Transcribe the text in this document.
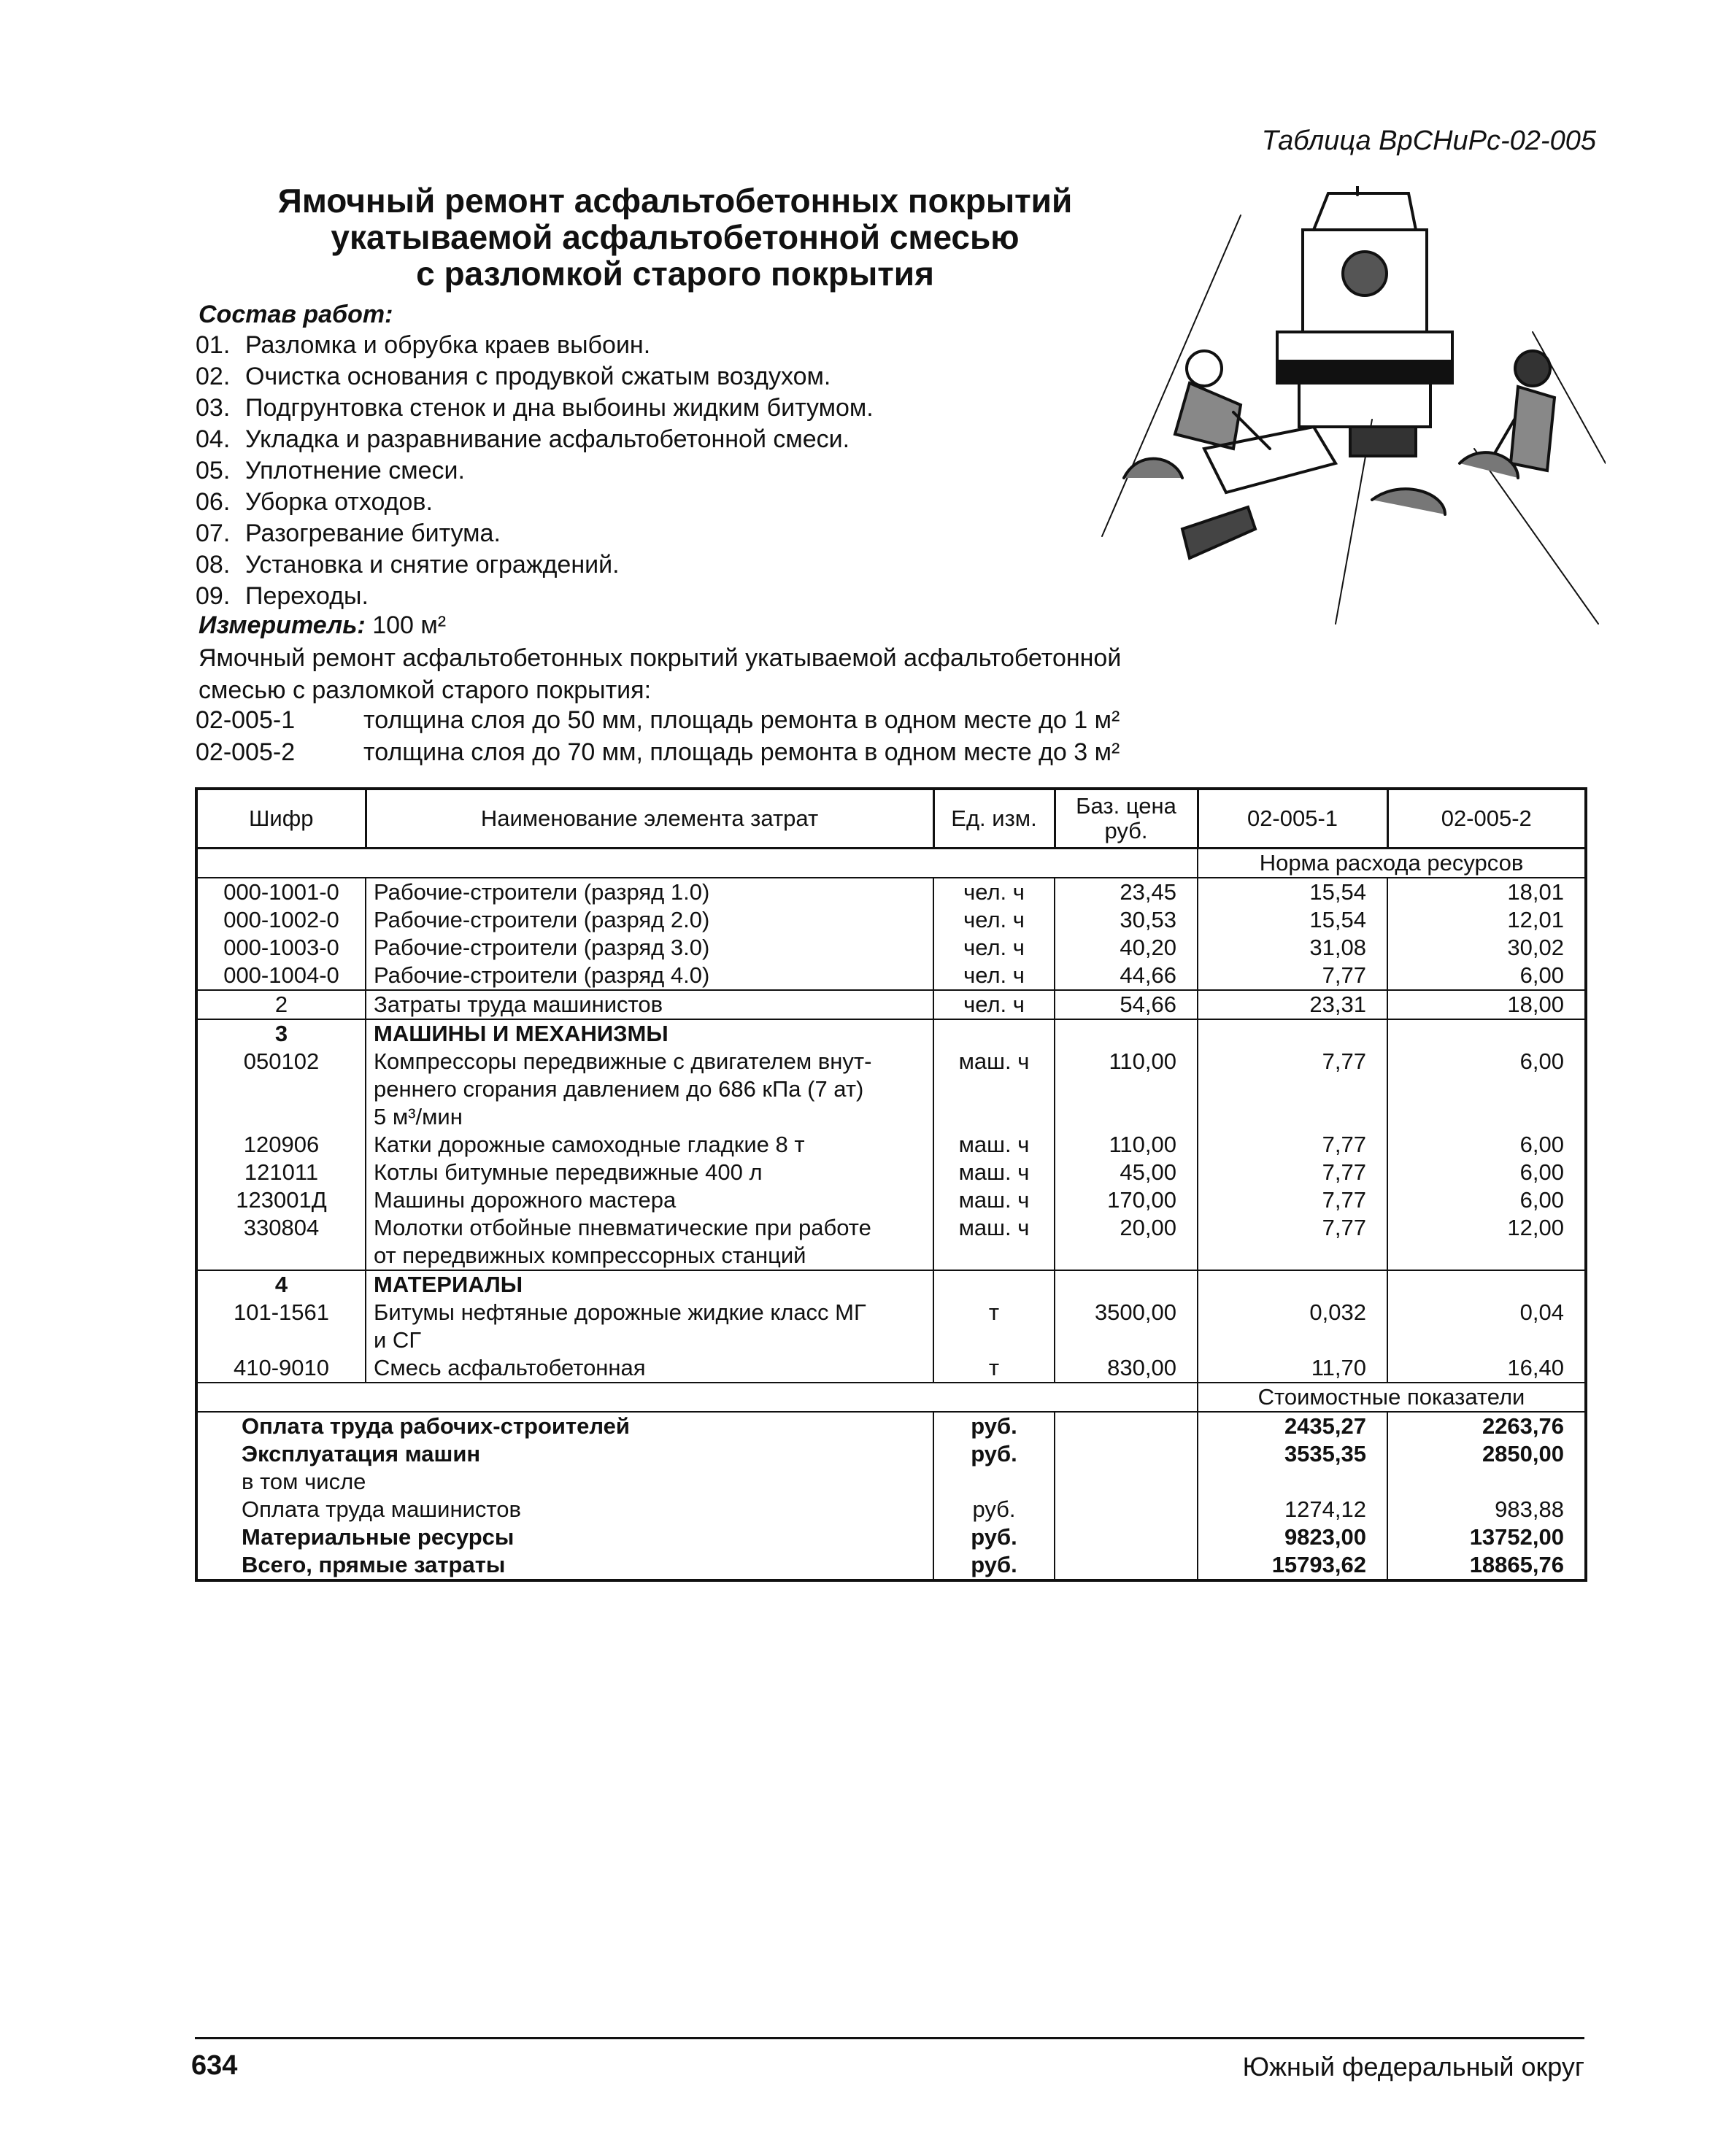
Таблица ВрСНиРс-02-005
Ямочный ремонт асфальтобетонных покрытий
укатываемой асфальтобетонной смесью
с разломкой старого покрытия
Состав работ:
01. Разломка и обрубка краев выбоин.
02. Очистка основания с продувкой сжатым воздухом.
03. Подгрунтовка стенок и дна выбоины жидким битумом.
04. Укладка и разравнивание асфальтобетонной смеси.
05. Уплотнение смеси.
06. Уборка отходов.
07. Разогревание битума.
08. Установка и снятие ограждений.
09. Переходы.
Измеритель: 100 м²
Ямочный ремонт асфальтобетонных покрытий укатываемой асфальтобетонной смесью с разломкой старого покрытия:
02-005-1	толщина слоя до 50 мм, площадь ремонта в одном месте до 1 м²
02-005-2	толщина слоя до 70 мм, площадь ремонта в одном месте до 3 м²
Шифр	Наименование элемента затрат	Ед. изм.	Баз. цена руб.	02-005-1	02-005-2
				Норма расхода ресурсов	
000-1001-0	Рабочие-строители (разряд 1.0)	чел. ч	23,45	15,54	18,01
000-1002-0	Рабочие-строители (разряд 2.0)	чел. ч	30,53	15,54	12,01
000-1003-0	Рабочие-строители (разряд 3.0)	чел. ч	40,20	31,08	30,02
000-1004-0	Рабочие-строители (разряд 4.0)	чел. ч	44,66	7,77	6,00
2	Затраты труда машинистов	чел. ч	54,66	23,31	18,00
3	МАШИНЫ И МЕХАНИЗМЫ				
050102	Компрессоры передвижные с двигателем внут-
реннего сгорания давлением до 686 кПа (7 ат)
5 м³/мин	маш. ч	110,00	7,77	6,00
120906	Катки дорожные самоходные гладкие 8 т	маш. ч	110,00	7,77	6,00
121011	Котлы битумные передвижные 400 л	маш. ч	45,00	7,77	6,00
123001Д	Машины дорожного мастера	маш. ч	170,00	7,77	6,00
330804	Молотки отбойные пневматические при работе
от передвижных компрессорных станций	маш. ч	20,00	7,77	12,00
4	МАТЕРИАЛЫ				
101-1561	Битумы нефтяные дорожные жидкие класс МГ
и СГ	т	3500,00	0,032	0,04
410-9010	Смесь асфальтобетонная	т	830,00	11,70	16,40
				Стоимостные показатели	
Оплата труда рабочих-строителей		руб.		2435,27	2263,76
Эксплуатация машин		руб.		3535,35	2850,00
в том числе					
Оплата труда машинистов		руб.		1274,12	983,88
Материальные ресурсы		руб.		9823,00	13752,00
Всего, прямые затраты		руб.		15793,62	18865,76
634	Южный федеральный округ
